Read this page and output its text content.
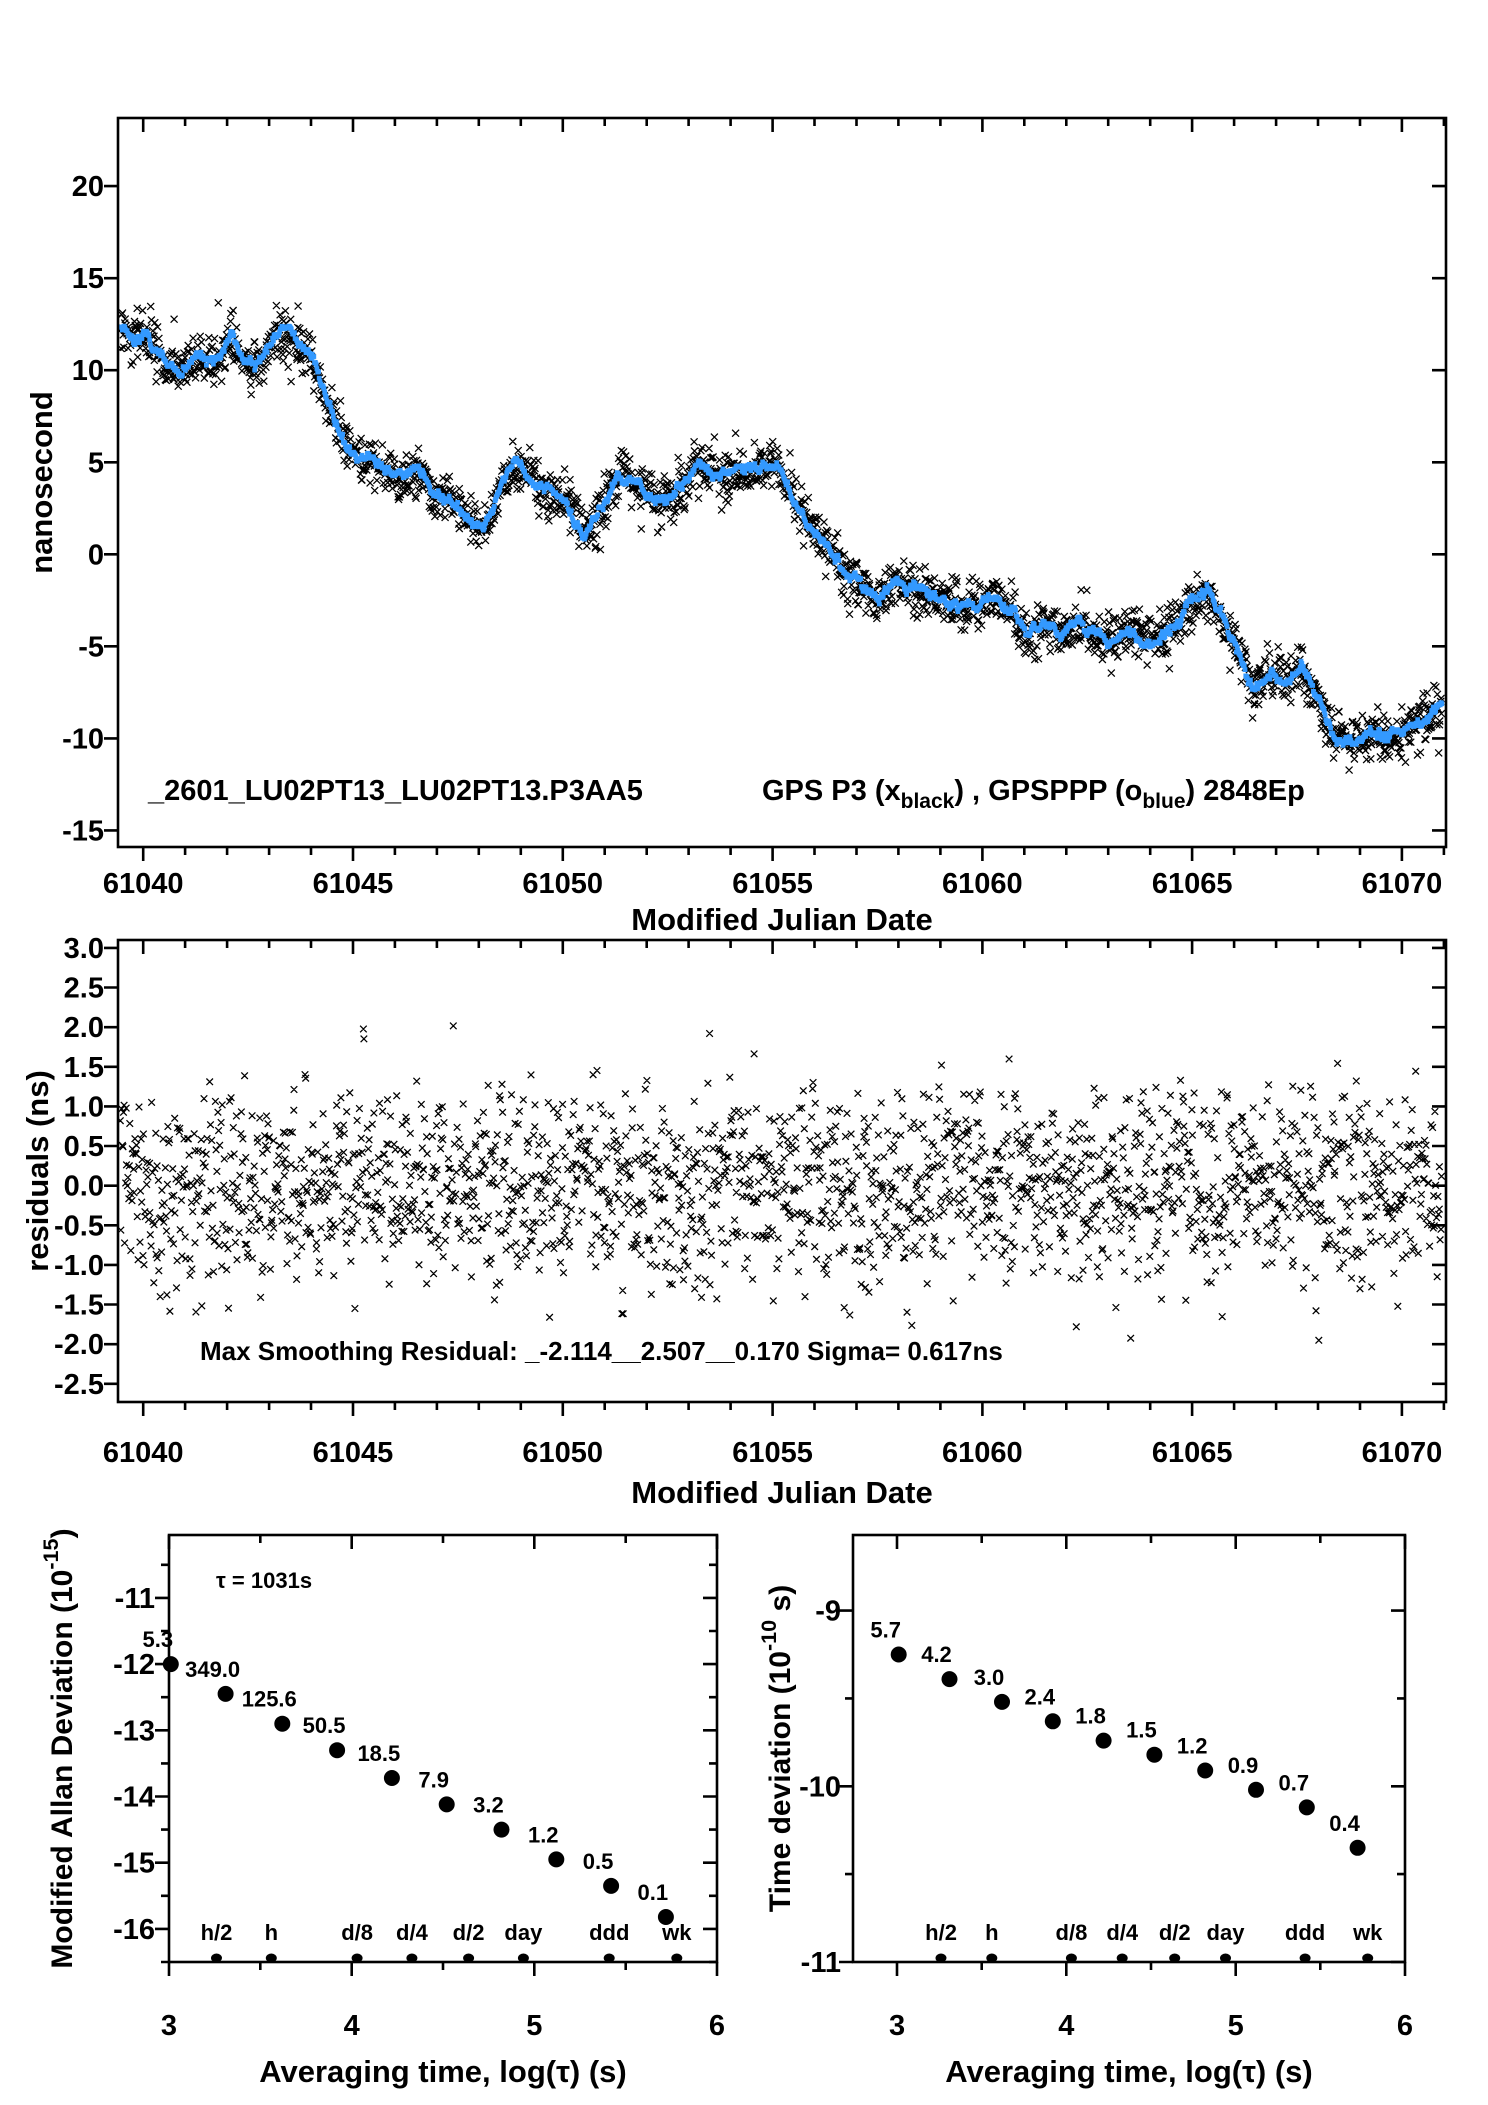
61040	61045	61050	61055	61060	61065	61070
-15
-10
-5
0
5
10
15
20
Modified Julian Date
nanosecond
_2601_LU02PT13_LU02PT13.P3AA5	GPS P3 $(x_{black})$ , GPSPPP $(o_{blue})$ 2848Ep
61040	61045	61050	61055	61060	61065	61070
3.0
2.5
2.0
1.5
1.0
0.5
0.0
-0.5
-1.0
-1.5
-2.0
-2.5
Modified Julian Date
residuals (ns)
Max Smoothing Residual: _-2.114__2.507__0.170 Sigma= 0.617ns
3	4	5	6
-11
-12
-13
-14
-15
-16
Averaging time, log(τ) (s)
Modified Allan Deviation $(10^{-15})$
5.3
349.0
125.6
50.5
18.5
7.9
3.2
1.2
0.5
0.1
h/2 h	d/8 d/4 d/2 day ddd wk
τ = 1031s
3	4	5	6
-9
-10
-11
Averaging time, log(τ) (s)
Time deviation ($10^{-10}$ s)
5.7
4.2
3.0
2.4
1.8
1.5
1.2
0.9
0.7
0.4
h/2 h	d/8 d/4 d/2 day ddd wk
